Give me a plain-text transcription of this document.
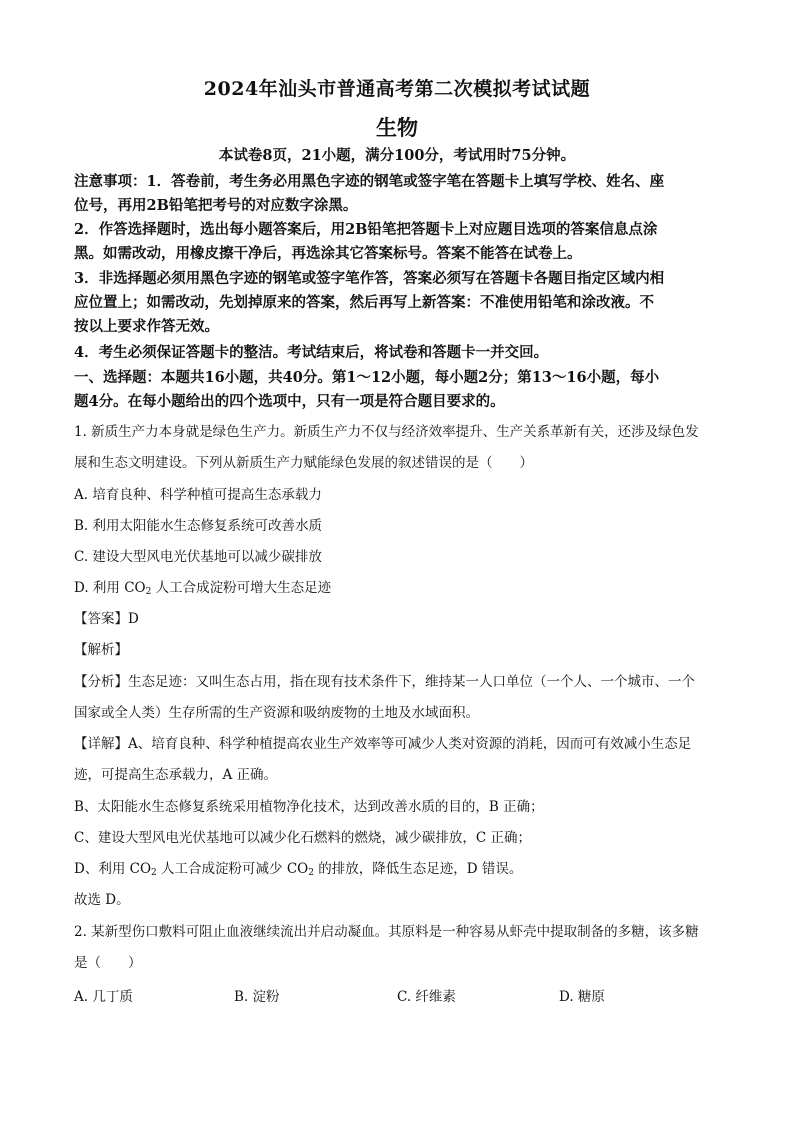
2024年汕头市普通高考第二次模拟考试试题
生物
本试卷8页，21小题，满分100分，考试用时75分钟。
注意事项：1．答卷前，考生务必用黑色字迹的钢笔或签字笔在答题卡上填写学校、姓名、座
位号，再用2B铅笔把考号的对应数字涂黑。
2．作答选择题时，选出每小题答案后，用2B铅笔把答题卡上对应题目选项的答案信息点涂
黑。如需改动，用橡皮擦干净后，再选涂其它答案标号。答案不能答在试卷上。
3．非选择题必须用黑色字迹的钢笔或签字笔作答，答案必须写在答题卡各题目指定区域内相
应位置上；如需改动，先划掉原来的答案，然后再写上新答案：不准使用铅笔和涂改液。不
按以上要求作答无效。
4．考生必须保证答题卡的整洁。考试结束后，将试卷和答题卡一并交回。
一、选择题：本题共16小题，共40分。第1～12小题，每小题2分；第13～16小题，每小
题4分。在每小题给出的四个选项中，只有一项是符合题目要求的。
1. 新质生产力本身就是绿色生产力。新质生产力不仅与经济效率提升、生产关系革新有关，还涉及绿色发
展和生态文明建设。下列从新质生产力赋能绿色发展的叙述错误的是（　　）
A. 培育良种、科学种植可提高生态承载力
B. 利用太阳能水生态修复系统可改善水质
C. 建设大型风电光伏基地可以减少碳排放
D. 利用 $CO_2$ 人工合成淀粉可增大生态足迹
【答案】D
【解析】
【分析】生态足迹：又叫生态占用，指在现有技术条件下，维持某一人口单位（一个人、一个城市、一个
国家或全人类）生存所需的生产资源和吸纳废物的土地及水域面积。
【详解】A、培育良种、科学种植提高农业生产效率等可减少人类对资源的消耗，因而可有效减小生态足
迹，可提高生态承载力，A 正确。
B、太阳能水生态修复系统采用植物净化技术，达到改善水质的目的，B 正确；
C、建设大型风电光伏基地可以减少化石燃料的燃烧，减少碳排放，C 正确；
D、利用 $CO_2$ 人工合成淀粉可减少 $CO_2$ 的排放，降低生态足迹，D 错误。
故选 D。
2. 某新型伤口敷料可阻止血液继续流出并启动凝血。其原料是一种容易从虾壳中提取制备的多糖，该多糖
是（　　）
A. 几丁质	B. 淀粉	C. 纤维素	D. 糖原
